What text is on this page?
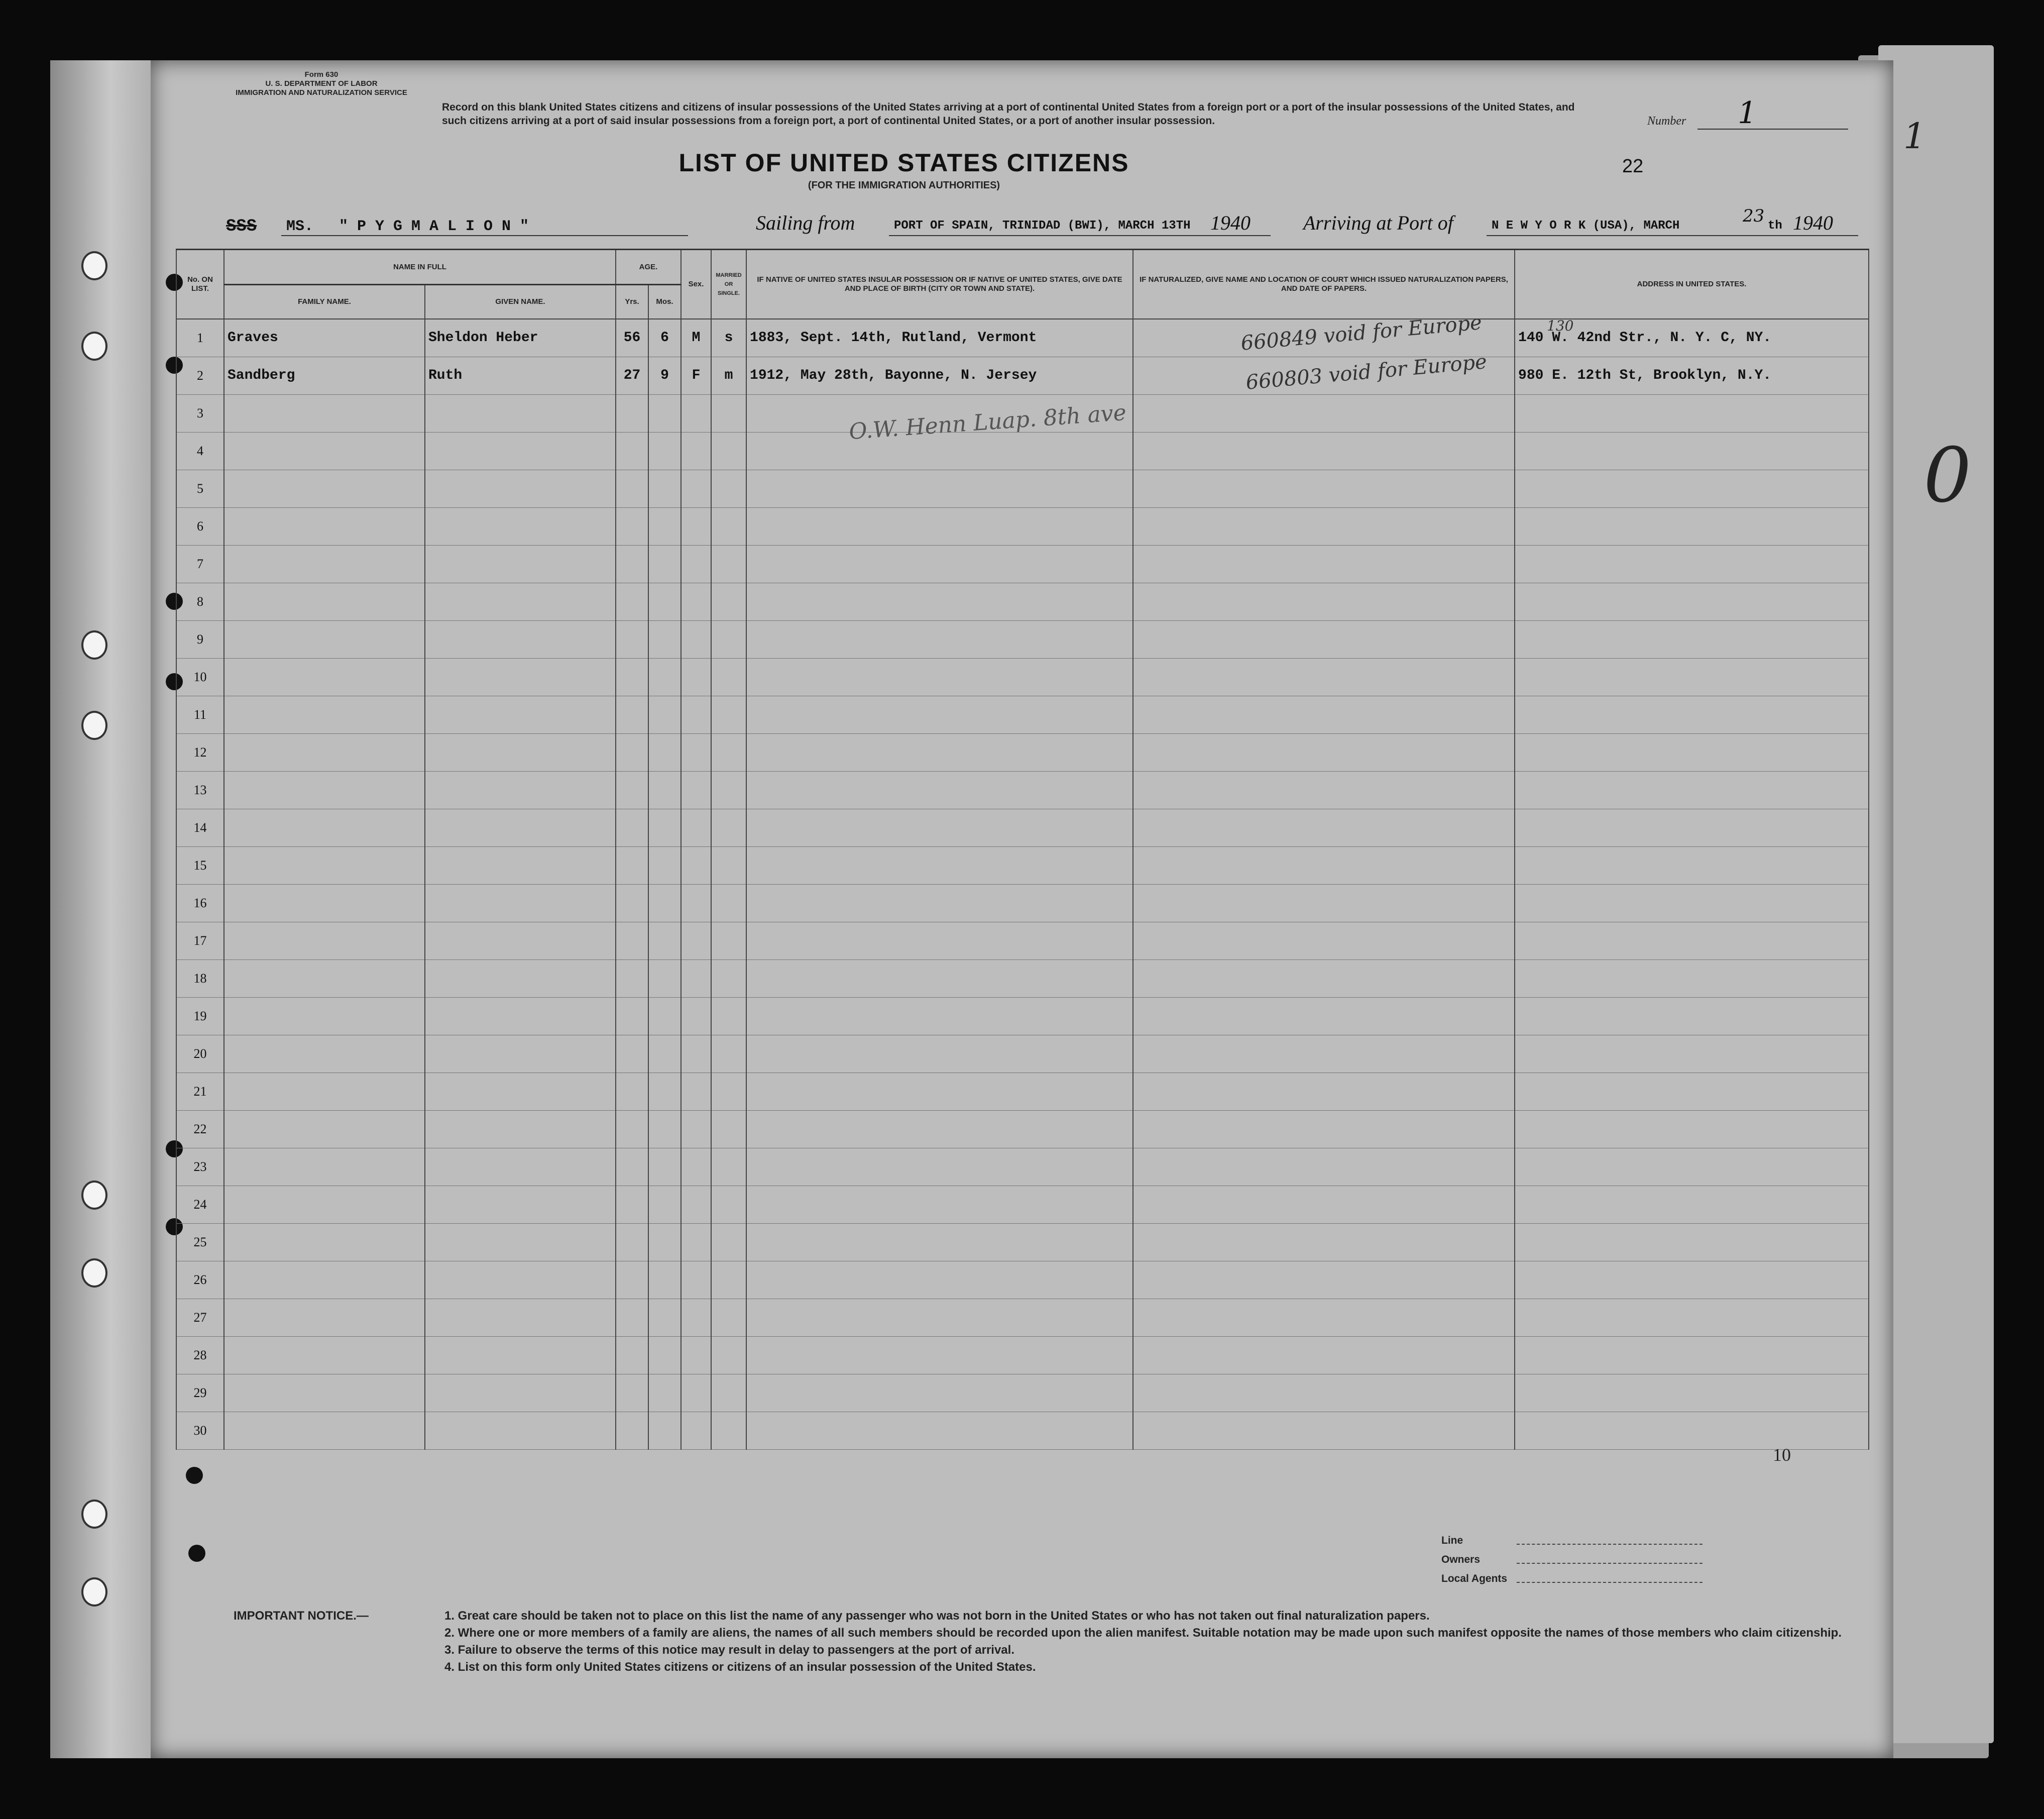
Form 630
U. S. DEPARTMENT OF LABOR
IMMIGRATION AND NATURALIZATION SERVICE
Record on this blank United States citizens and citizens of insular possessions of the United States arriving at a port of continental United States from a foreign port or a port of the insular possessions of the United States, and such citizens arriving at a port of said insular possessions from a foreign port, a port of continental United States, or a port of another insular possession.	Number 1
LIST OF UNITED STATES CITIZENS
(FOR THE IMMIGRATION AUTHORITIES)
22
SSS MS. " P Y G M A L I O N "	Sailing from	PORT OF SPAIN, TRINIDAD (BWI), MARCH 13TH 1940	Arriving at Port of	N E W Y O R K (USA), MARCH	23 th 1940
No. ON LIST.	NAME IN FULL		AGE.		Sex.	MARRIED OR SINGLE.	IF NATIVE OF UNITED STATES INSULAR POSSESSION OR IF NATIVE OF UNITED STATES, GIVE DATE AND PLACE OF BIRTH (CITY OR TOWN AND STATE).	IF NATURALIZED, GIVE NAME AND LOCATION OF COURT WHICH ISSUED NATURALIZATION PAPERS, AND DATE OF PAPERS.	ADDRESS IN UNITED STATES.
	FAMILY NAME.	GIVEN NAME.	Yrs.	Mos.					
1	Graves	Sheldon Heber	56	6	M	s	1883, Sept. 14th, Rutland, Vermont		140 W. 42nd Str., N. Y. C, NY.
2	Sandberg	Ruth	27	9	F	m	1912, May 28th, Bayonne, N. Jersey		980 E. 12th St, Brooklyn, N.Y.
3									
4									
5									
6									
7									
8									
9									
10									
11									
12									
13									
14									
15									
16									
17									
18									
19									
20									
21									
22									
23									
24									
25									
26									
27									
28									
29									
30									
660849 void for Europe
660803 void for Europe
130
O.W. Henn Luap. 8th ave
10
Line
Owners
Local Agents
IMPORTANT NOTICE.—	1. Great care should be taken not to place on this list the name of any passenger who was not born in the United States or who has not taken out final naturalization papers.
2. Where one or more members of a family are aliens, the names of all such members should be recorded upon the alien manifest. Suitable notation may be made upon such manifest opposite the names of those members who claim citizenship.
3. Failure to observe the terms of this notice may result in delay to passengers at the port of arrival.
4. List on this form only United States citizens or citizens of an insular possession of the United States.
1
0
